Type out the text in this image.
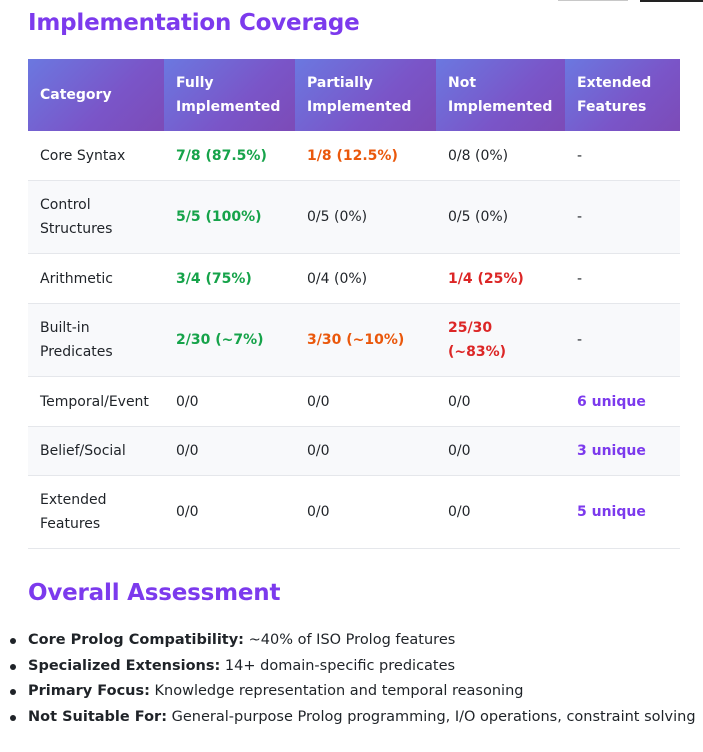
Implementation Coverage
Category	Fully Implemented	Partially Implemented	Not Implemented	Extended Features
Core Syntax	7/8 (87.5%)	1/8 (12.5%)	0/8 (0%)	-
Control Structures	5/5 (100%)	0/5 (0%)	0/5 (0%)	-
Arithmetic	3/4 (75%)	0/4 (0%)	1/4 (25%)	-
Built-in Predicates	2/30 (~7%)	3/30 (~10%)	25/30 (~83%)	-
Temporal/Event	0/0	0/0	0/0	6 unique
Belief/Social	0/0	0/0	0/0	3 unique
Extended Features	0/0	0/0	0/0	5 unique
Overall Assessment
Core Prolog Compatibility: ~40% of ISO Prolog features
Specialized Extensions: 14+ domain-specific predicates
Primary Focus: Knowledge representation and temporal reasoning
Not Suitable For: General-purpose Prolog programming, I/O operations, constraint solving
